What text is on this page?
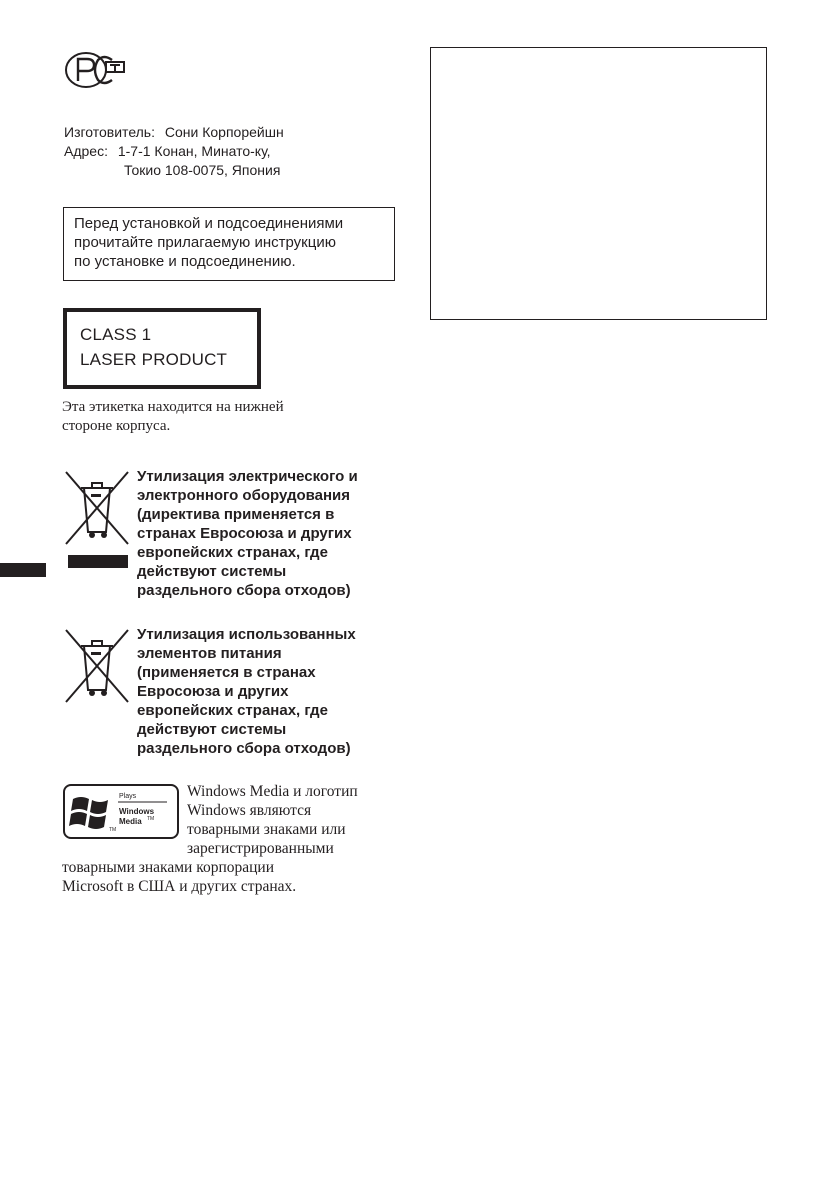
Изготовитель: Сони Корпорейшн
Адрес: 1-7-1 Конан, Минато-ку,
Токио 108-0075, Япония
Перед установкой и подсоединениями
прочитайте прилагаемую инструкцию
по установке и подсоединению.
CLASS 1
LASER PRODUCT
Эта этикетка находится на нижней
стороне корпуса.
Утилизация электрического и
электронного оборудования
(директива применяется в
странах Евросоюза и других
европейских странах, где
действуют системы
раздельного сбора отходов)
Утилизация использованных
элементов питания
(применяется в странах
Евросоюза и других
европейских странах, где
действуют системы
раздельного сбора отходов)
Plays
Windows
Media TM
TM
Windows Media и логотип
Windows являются
товарными знаками или
зарегистрированными
товарными знаками корпорации
Microsoft в США и других странах.
